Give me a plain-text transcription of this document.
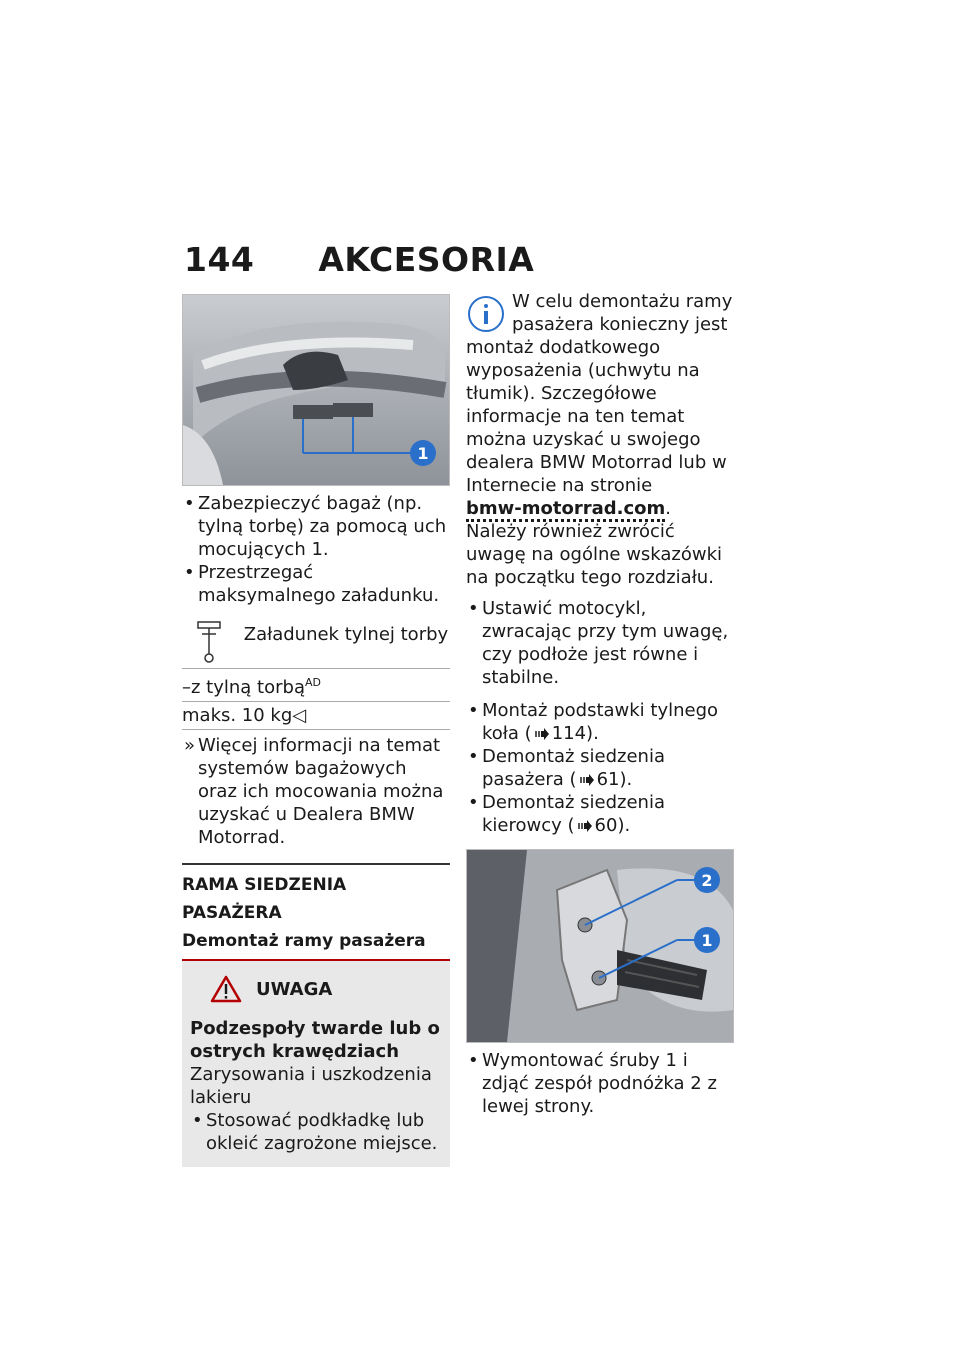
144 AKCESORIA
1
• Zabezpieczyć bagaż (np. tylną torbę) za pomocą uch mocujących 1.
• Przestrzegać maksymalnego załadunku.
Załadunek tylnej torby
–z tylną torbą$^{AD}$
maks. 10 kg◁
» Więcej informacji na temat systemów bagażowych oraz ich mocowania można uzyskać u Dealera BMW Motorrad.
RAMA SIEDZENIA PASAŻERA
Demontaż ramy pasażera
UWAGA
Podzespoły twarde lub o ostrych krawędziach
Zarysowania i uszkodzenia lakieru
• Stosować podkładkę lub okleić zagrożone miejsce.
W celu demontażu ramy
pasażera konieczny jest
montaż dodatkowego wyposażenia (uchwytu na tłumik). Szczegółowe informacje na ten temat można uzyskać u swojego dealera BMW Motorrad lub w Internecie na stronie
bmw-motorrad.com.
Należy również zwrócić uwagę na ogólne wskazówki na początku tego rozdziału.
• Ustawić motocykl, zwracając przy tym uwagę, czy podłoże jest równe i stabilne.
• Montaż podstawki tylnego koła ( 114).
• Demontaż siedzenia pasażera ( 61).
• Demontaż siedzenia kierowcy ( 60).
2
1
• Wymontować śruby 1 i zdjąć zespół podnóżka 2 z lewej strony.
